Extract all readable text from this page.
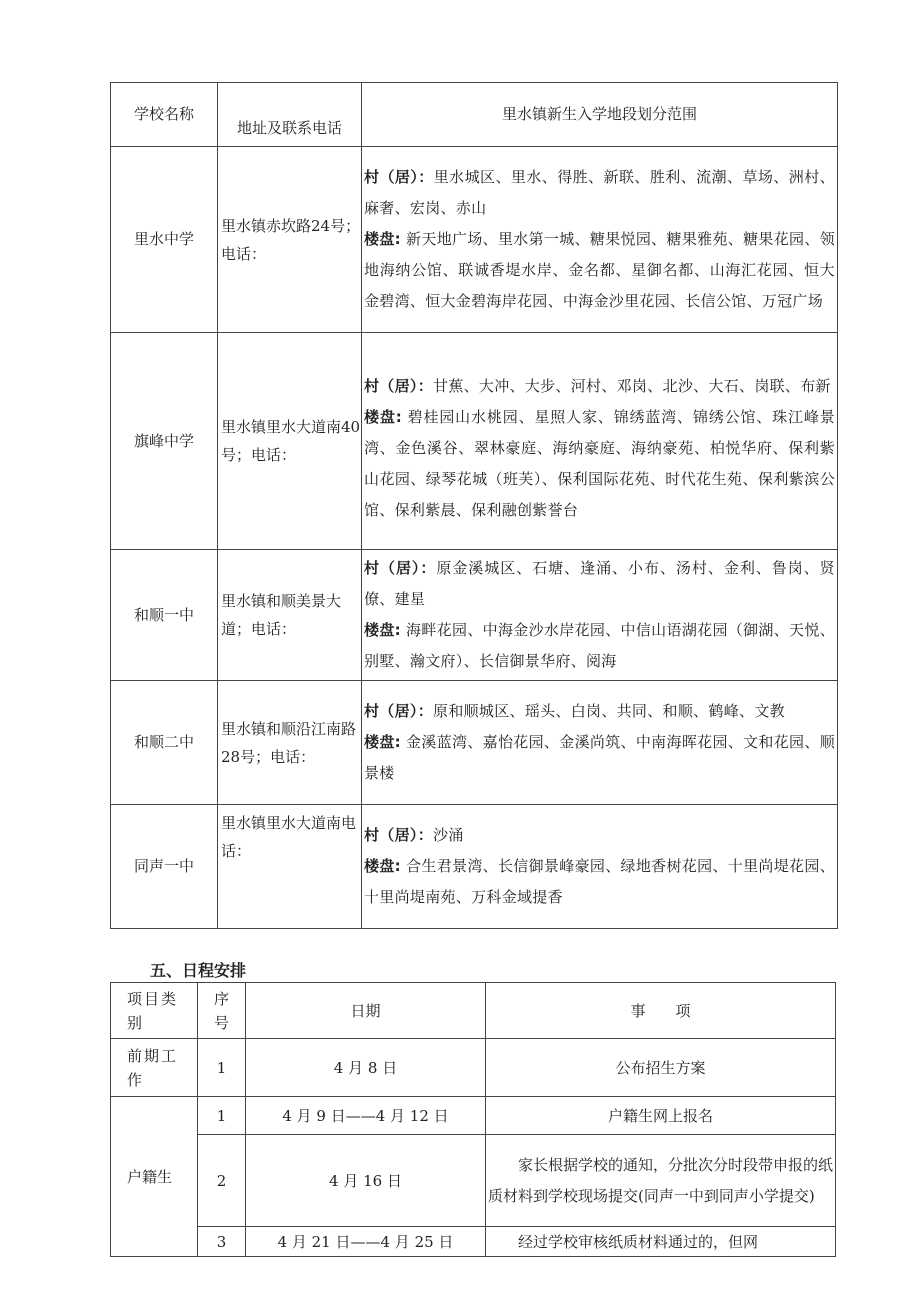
学校名称	地址及联系电话	里水镇新生入学地段划分范围
里水中学	里水镇赤坎路24号；电话：	村（居）：里水城区、里水、得胜、新联、胜利、流潮、草场、洲村、麻奢、宏岗、赤山
楼盘: 新天地广场、里水第一城、糖果悦园、糖果雅苑、糖果花园、领地海纳公馆、联诚香堤水岸、金名都、星御名都、山海汇花园、恒大金碧湾、恒大金碧海岸花园、中海金沙里花园、长信公馆、万冠广场
旗峰中学	里水镇里水大道南40号；电话：	村（居）：甘蕉、大冲、大步、河村、邓岗、北沙、大石、岗联、布新
楼盘: 碧桂园山水桃园、星照人家、锦绣蓝湾、锦绣公馆、珠江峰景湾、金色溪谷、翠林豪庭、海纳豪庭、海纳豪苑、柏悦华府、保利紫山花园、绿琴花城（班芙）、保利国际花苑、时代花生苑、保利紫滨公馆、保利紫晨、保利融创紫誉台
和顺一中	里水镇和顺美景大道；电话：	村（居）：原金溪城区、石塘、逢涌、小布、汤村、金利、鲁岗、贤僚、建星
楼盘: 海畔花园、中海金沙水岸花园、中信山语湖花园（御湖、天悦、别墅、瀚文府）、长信御景华府、阅海
和顺二中	里水镇和顺沿江南路28号；电话：	村（居）：原和顺城区、瑶头、白岗、共同、和顺、鹤峰、文教
楼盘: 金溪蓝湾、嘉怡花园、金溪尚筑、中南海晖花园、文和花园、顺景楼
同声一中	里水镇里水大道南电话：	村（居）：沙涌
楼盘: 合生君景湾、长信御景峰豪园、绿地香树花园、十里尚堤花园、十里尚堤南苑、万科金域提香
五、日程安排
项目类别	序号	日期	事　　项
前期工作	1	4 月 8 日	公布招生方案
户籍生	1	4 月 9 日——4 月 12 日	户籍生网上报名
	2	4 月 16 日	家长根据学校的通知，分批次分时段带申报的纸质材料到学校现场提交(同声一中到同声小学提交)
	3	4 月 21 日——4 月 25 日	经过学校审核纸质材料通过的，但网
